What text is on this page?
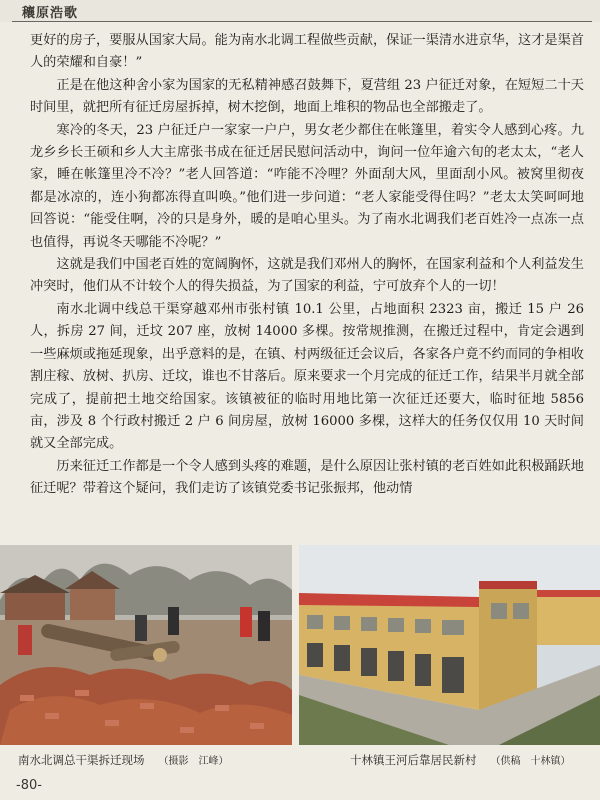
穰原浩歌

更好的房子，要服从国家大局。能为南水北调工程做些贡献，保证一渠清水进京华，这才是渠首人的荣耀和自豪！”

正是在他这种舍小家为国家的无私精神感召鼓舞下，夏营组 23 户征迁对象，在短短二十天时间里，就把所有征迁房屋拆掉，树木挖倒，地面上堆积的物品也全部搬走了。

寒冷的冬天，23 户征迁户一家家一户户，男女老少都住在帐篷里，着实令人感到心疼。九龙乡乡长王硕和乡人大主席张书成在征迁居民慰问活动中，询问一位年逾六旬的老太太，“老人家，睡在帐篷里冷不冷？”老人回答道：“咋能不冷哩？外面刮大风，里面刮小风。被窝里彻夜都是冰凉的，连小狗都冻得直叫唤。”他们进一步问道：“老人家能受得住吗？”老太太笑呵呵地回答说：“能受住啊，冷的只是身外，暖的是咱心里头。为了南水北调我们老百姓冷一点冻一点也值得，再说冬天哪能不冷呢？”

这就是我们中国老百姓的宽阔胸怀，这就是我们邓州人的胸怀，在国家利益和个人利益发生冲突时，他们从不计较个人的得失损益，为了国家的利益，宁可放弃个人的一切！

南水北调中线总干渠穿越邓州市张村镇 10.1 公里，占地面积 2323 亩，搬迁 15 户 26 人，拆房 27 间，迁坟 207 座，放树 14000 多棵。按常规推测，在搬迁过程中，肯定会遇到一些麻烦或拖延现象，出乎意料的是，在镇、村两级征迁会议后，各家各户竟不约而同的争相收割庄稼、放树、扒房、迁坟，谁也不甘落后。原来要求一个月完成的征迁工作，结果半月就全部完成了，提前把土地交给国家。该镇被征的临时用地比第一次征迁还要大，临时征地 5856 亩，涉及 8 个行政村搬迁 2 户 6 间房屋，放树 16000 多棵，这样大的任务仅仅用 10 天时间就又全部完成。

历来征迁工作都是一个令人感到头疼的难题，是什么原因让张村镇的老百姓如此积极踊跃地征迁呢？带着这个疑问，我们走访了该镇党委书记张振邦，他动情

南水北调总干渠拆迁现场 （摄影　江峰）	十林镇王河后靠居民新村 （供稿　十林镇）
-80-
